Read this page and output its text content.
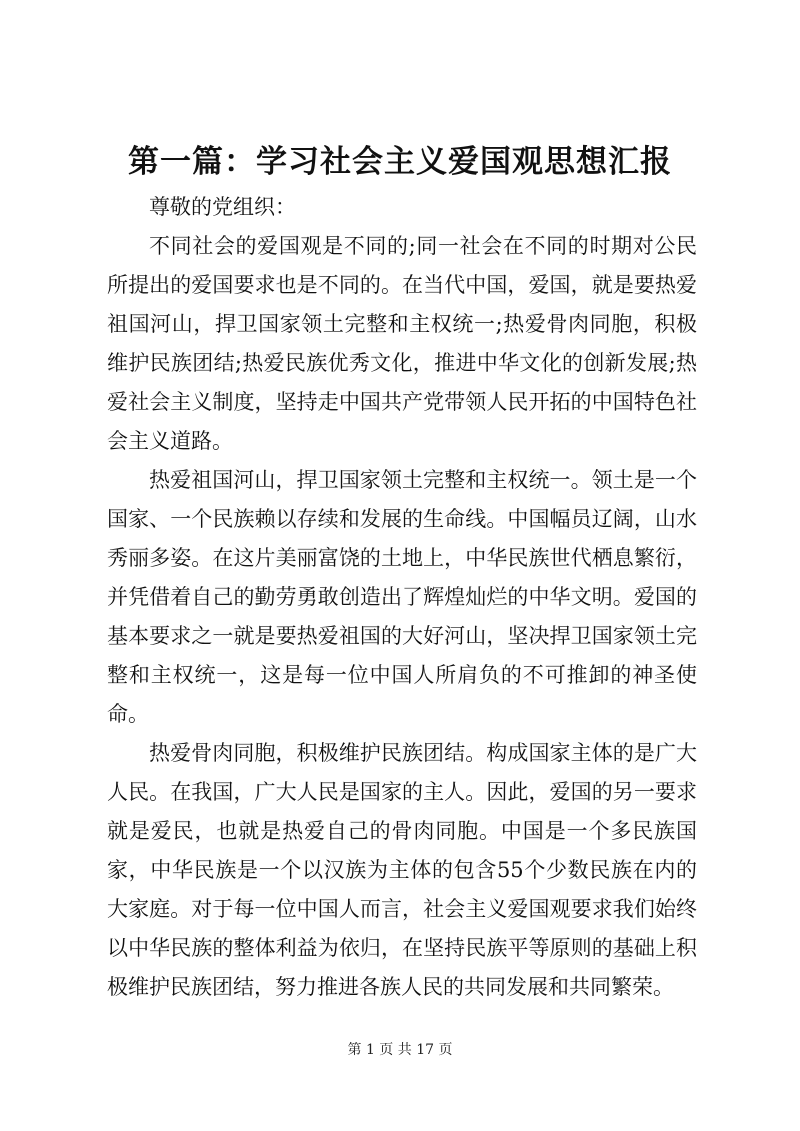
第一篇：学习社会主义爱国观思想汇报

尊敬的党组织：

不同社会的爱国观是不同的;同一社会在不同的时期对公民所提出的爱国要求也是不同的。在当代中国，爱国，就是要热爱祖国河山，捍卫国家领土完整和主权统一;热爱骨肉同胞，积极维护民族团结;热爱民族优秀文化，推进中华文化的创新发展;热爱社会主义制度，坚持走中国共产党带领人民开拓的中国特色社会主义道路。

热爱祖国河山，捍卫国家领土完整和主权统一。领土是一个国家、一个民族赖以存续和发展的生命线。中国幅员辽阔，山水秀丽多姿。在这片美丽富饶的土地上，中华民族世代栖息繁衍，并凭借着自己的勤劳勇敢创造出了辉煌灿烂的中华文明。爱国的基本要求之一就是要热爱祖国的大好河山，坚决捍卫国家领土完整和主权统一，这是每一位中国人所肩负的不可推卸的神圣使命。

热爱骨肉同胞，积极维护民族团结。构成国家主体的是广大人民。在我国，广大人民是国家的主人。因此，爱国的另一要求就是爱民，也就是热爱自己的骨肉同胞。中国是一个多民族国家，中华民族是一个以汉族为主体的包含55个少数民族在内的大家庭。对于每一位中国人而言，社会主义爱国观要求我们始终以中华民族的整体利益为依归，在坚持民族平等原则的基础上积极维护民族团结，努力推进各族人民的共同发展和共同繁荣。

第 1 页 共 17 页
